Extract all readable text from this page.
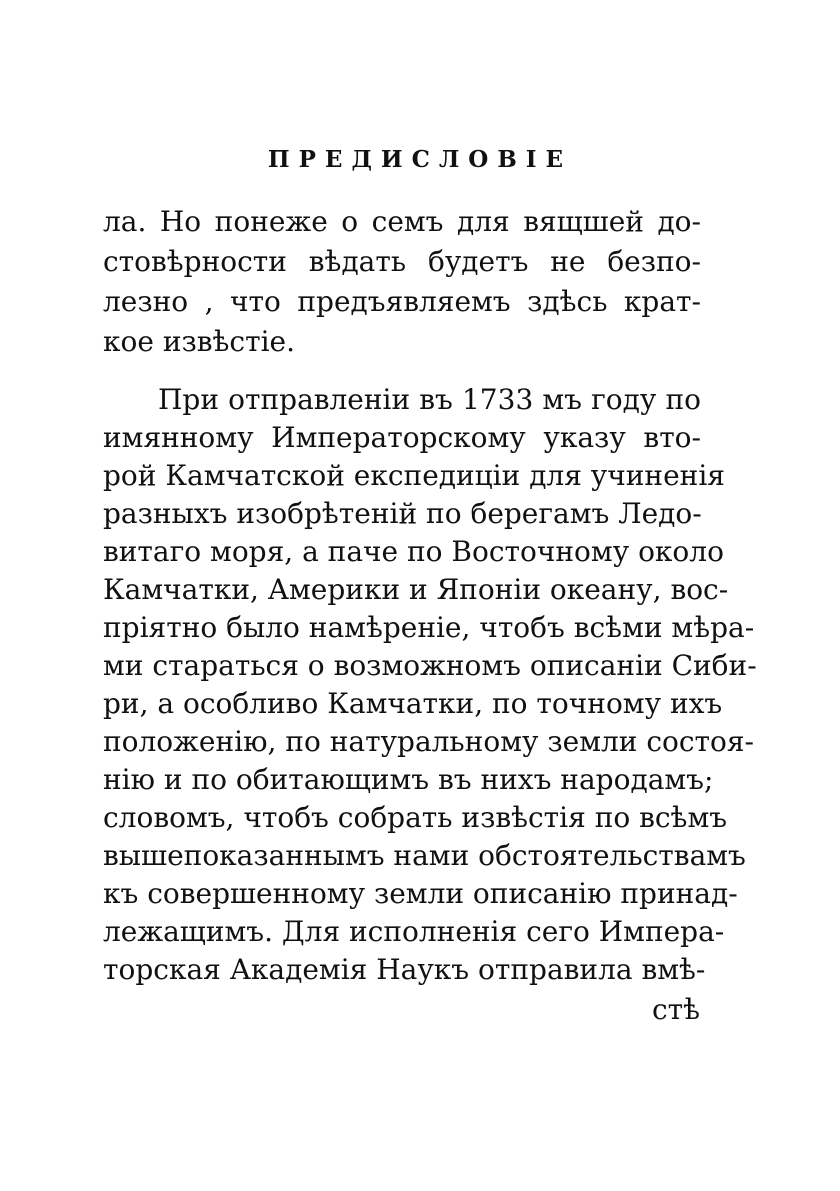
ПРЕДИСЛОВІЕ
ла. Но понеже о семъ для вящшей до-
стовѣрности вѣдать будетъ не безпо-
лезно , что предъявляемъ здѣсь крат-
кое извѣстіе.
При отправленіи въ 1733 мъ году по
имянному Императорскому указу вто-
рой Камчатской експедиціи для учиненія
разныхъ изобрѣтеній по берегамъ Ледо-
витаго моря, а паче по Восточному около
Камчатки, Америки и Японіи океану, вос-
пріятно было намѣреніе, чтобъ всѣми мѣра-
ми стараться о возможномъ описаніи Сиби-
ри, а особливо Камчатки, по точному ихъ
положенію, по натуральному земли состоя-
нію и по обитающимъ въ нихъ народамъ;
словомъ, чтобъ собрать извѣстія по всѣмъ
вышепоказаннымъ нами обстоятельствамъ
къ совершенному земли описанію принад-
лежащимъ. Для исполненія сего Импера-
торская Академія Наукъ отправила вмѣ-
стѣ
